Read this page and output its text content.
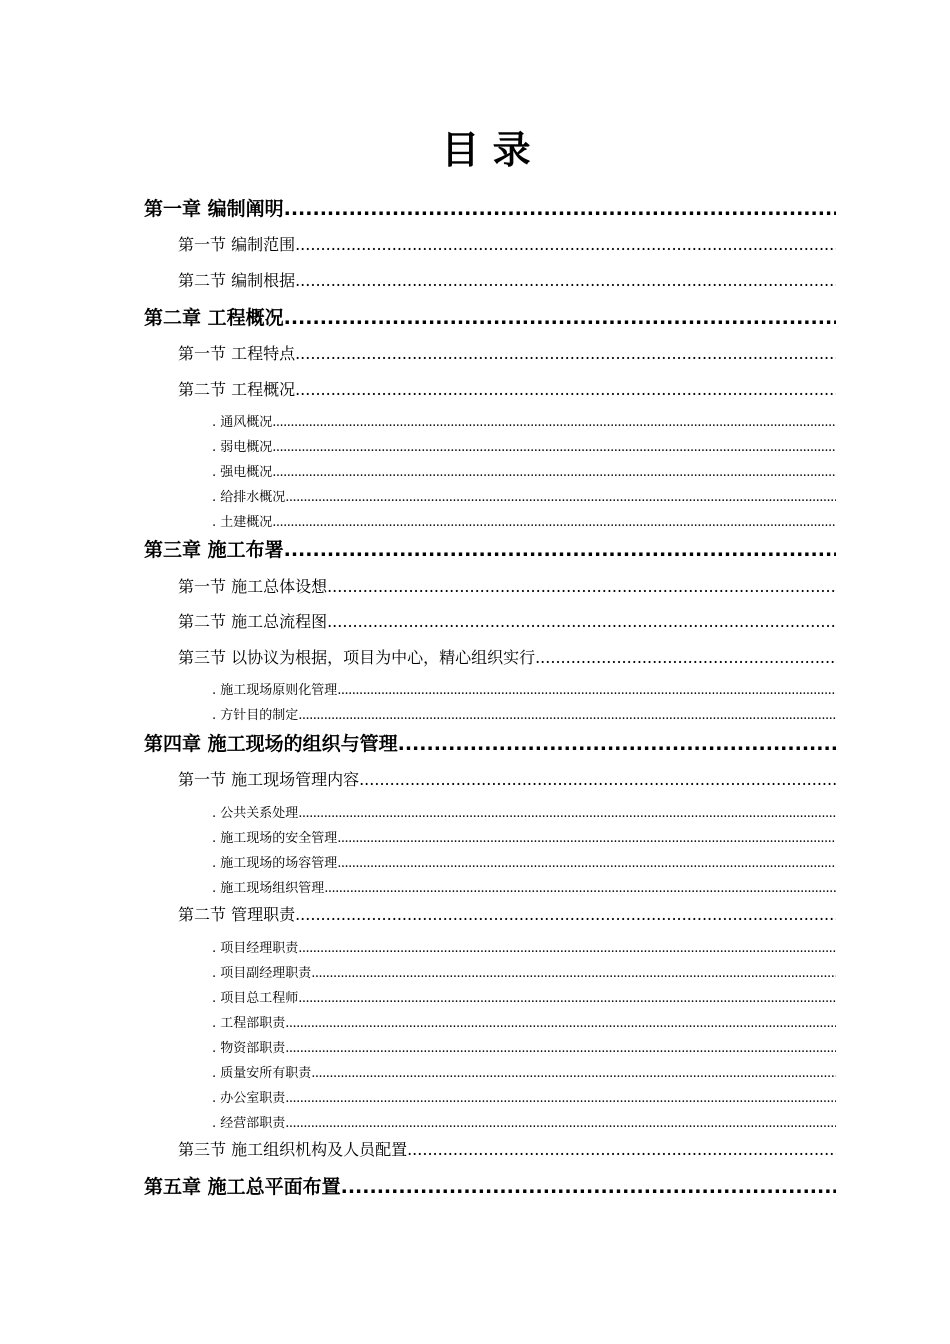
目 录
第一章 编制阐明
.....
第一节 编制范围
.....
第二节 编制根据
.....
第二章 工程概况
.....
第一节 工程特点
.....
第二节 工程概况
.....
. 通风概况
.....
. 弱电概况
.....
. 强电概况
.....
. 给排水概况
.....
. 土建概况
.....
第三章 施工布署
.....
第一节 施工总体设想
.....
第二节 施工总流程图
.....
第三节 以协议为根据，项目为中心，精心组织实行
.....
. 施工现场原则化管理
.....
. 方针目的制定
.....
第四章 施工现场的组织与管理
.....
第一节 施工现场管理内容
.....
. 公共关系处理
.....
. 施工现场的安全管理
.....
. 施工现场的场容管理
.....
. 施工现场组织管理
.....
第二节 管理职责
.....
. 项目经理职责
.....
. 项目副经理职责
.....
. 项目总工程师
.....
. 工程部职责
.....
. 物资部职责
.....
. 质量安所有职责
.....
. 办公室职责
.....
. 经营部职责
.....
第三节 施工组织机构及人员配置
.....
第五章 施工总平面布置
.....
